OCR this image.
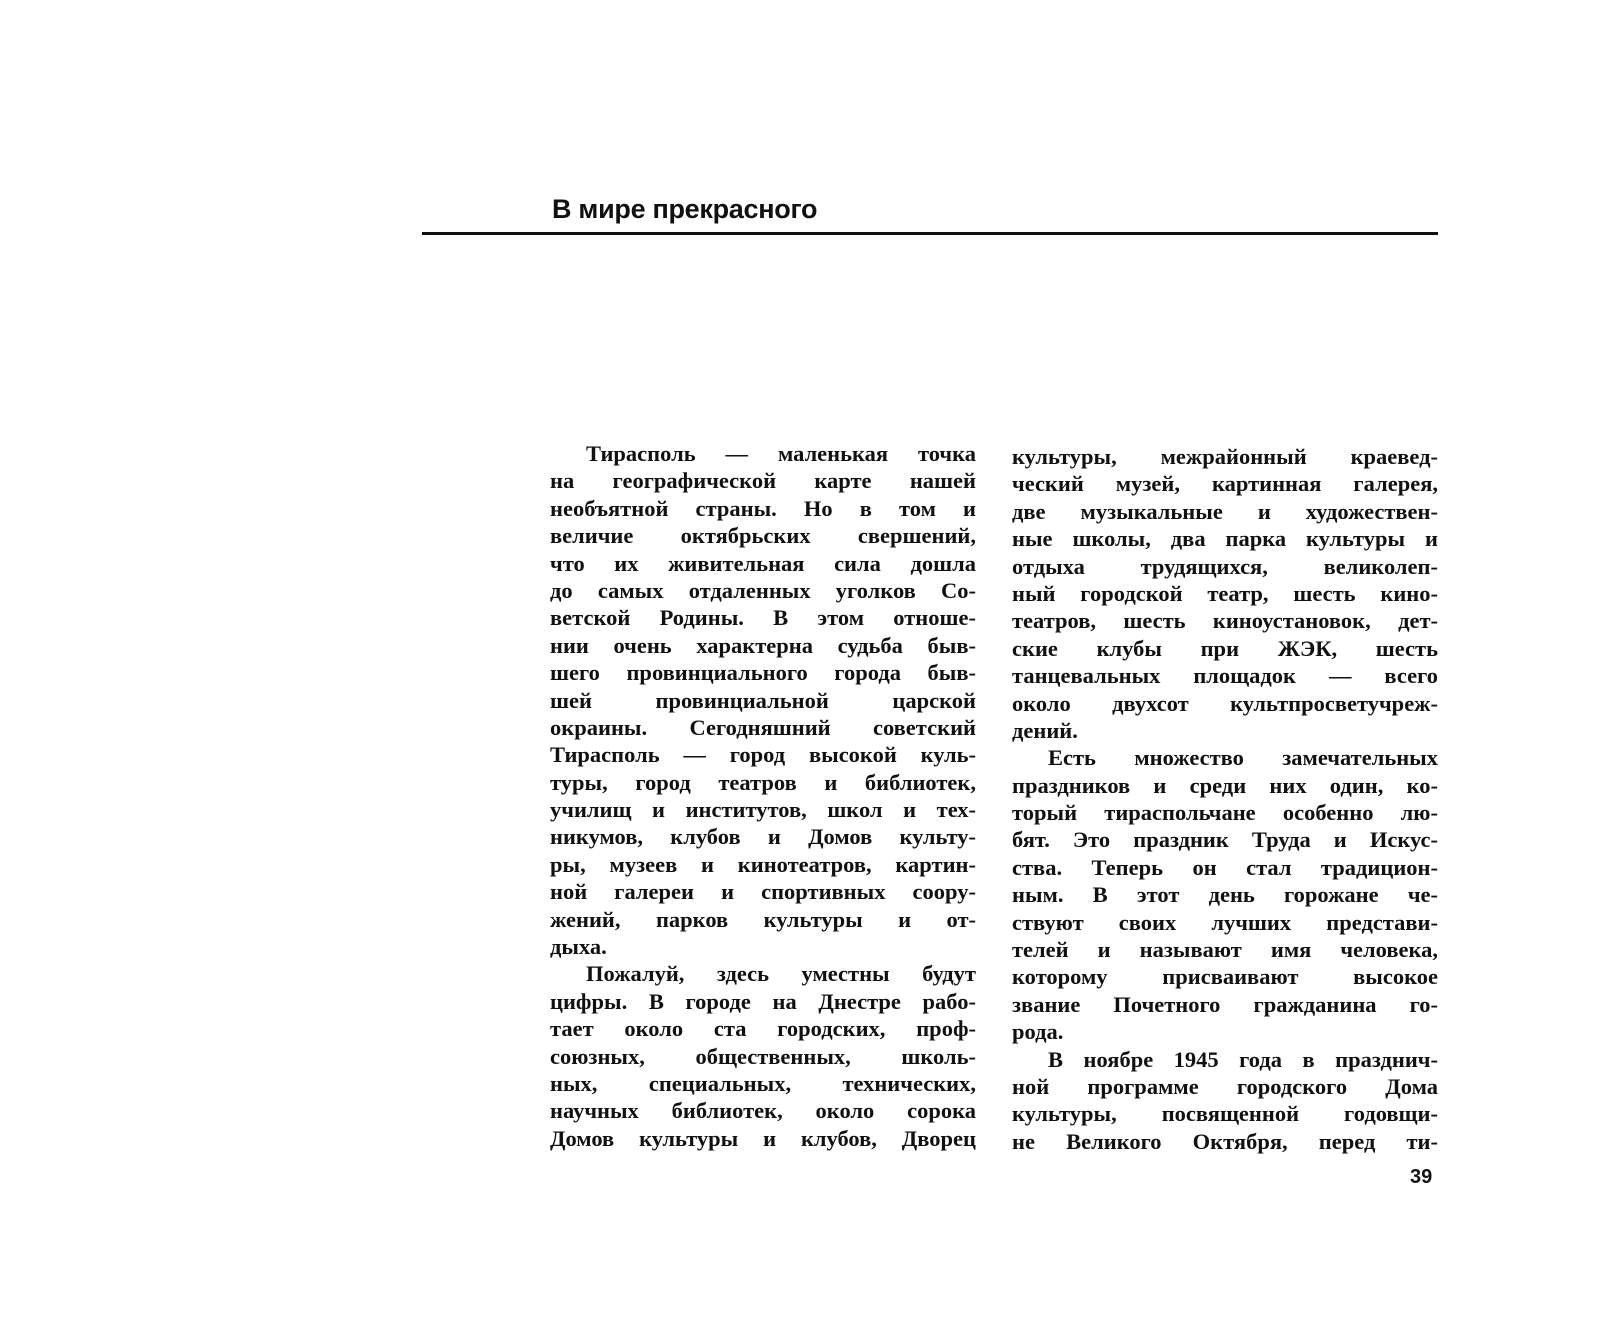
В мире прекрасного
Тирасполь — маленькая точка
на географической карте нашей
необъятной страны. Но в том и
величие октябрьских свершений,
что их живительная сила дошла
до самых отдаленных уголков Со-
ветской Родины. В этом отноше-
нии очень характерна судьба быв-
шего провинциального города быв-
шей провинциальной царской
окраины. Сегодняшний советский
Тирасполь — город высокой куль-
туры, город театров и библиотек,
училищ и институтов, школ и тех-
никумов, клубов и Домов культу-
ры, музеев и кинотеатров, картин-
ной галереи и спортивных соору-
жений, парков культуры и от-
дыха.
Пожалуй, здесь уместны будут
цифры. В городе на Днестре рабо-
тает около ста городских, проф-
союзных, общественных, школь-
ных, специальных, технических,
научных библиотек, около сорока
Домов культуры и клубов, Дворец
культуры, межрайонный краевед-
ческий музей, картинная галерея,
две музыкальные и художествен-
ные школы, два парка культуры и
отдыха трудящихся, великолеп-
ный городской театр, шесть кино-
театров, шесть киноустановок, дет-
ские клубы при ЖЭК, шесть
танцевальных площадок — всего
около двухсот культпросветучреж-
дений.
Есть множество замечательных
праздников и среди них один, ко-
торый тираспольчане особенно лю-
бят. Это праздник Труда и Искус-
ства. Теперь он стал традицион-
ным. В этот день горожане че-
ствуют своих лучших представи-
телей и называют имя человека,
которому присваивают высокое
звание Почетного гражданина го-
рода.
В ноябре 1945 года в празднич-
ной программе городского Дома
культуры, посвященной годовщи-
не Великого Октября, перед ти-
39
